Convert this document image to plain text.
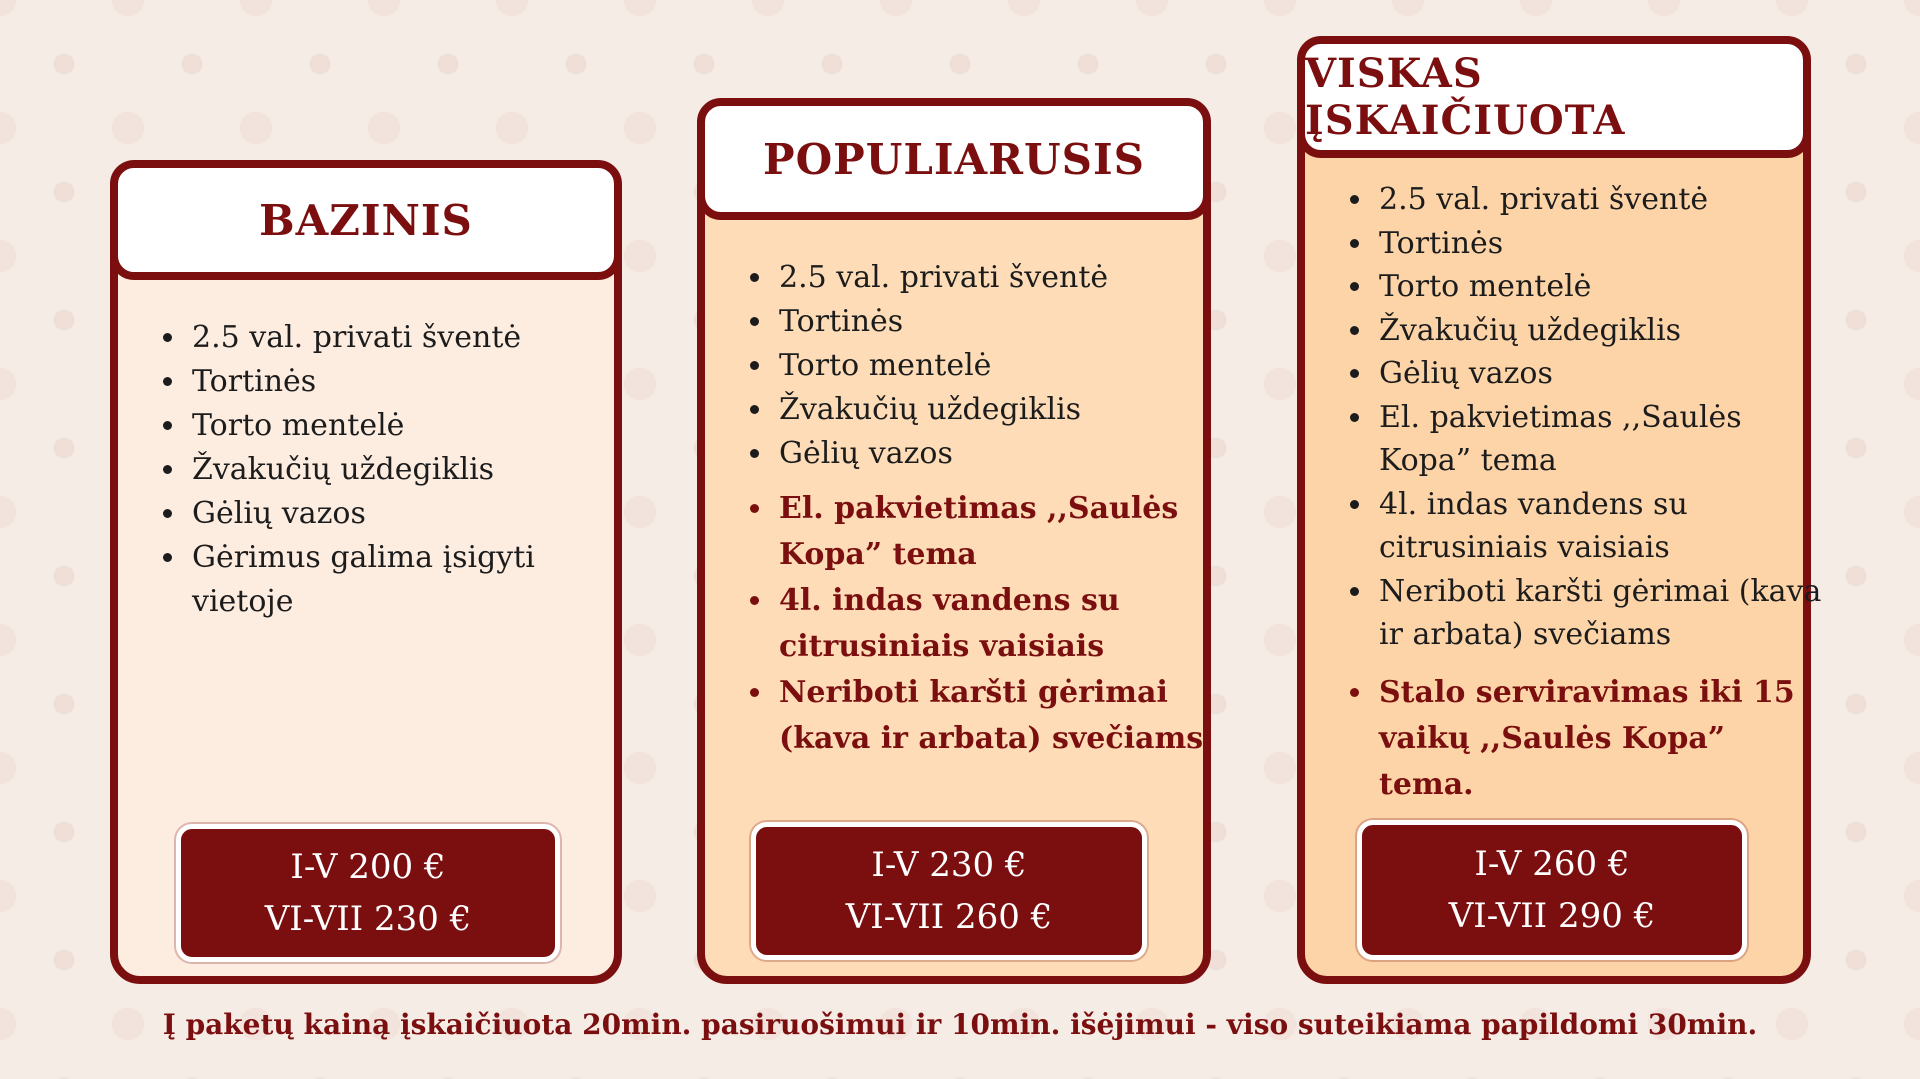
BAZINIS
• 2.5 val. privati šventė
• Tortinės
• Torto mentelė
• Žvakučių uždegiklis
• Gėlių vazos
• Gėrimus galima įsigyti vietoje
I-V 200 €
VI-VII 230 €
POPULIARUSIS
• 2.5 val. privati šventė
• Tortinės
• Torto mentelė
• Žvakučių uždegiklis
• Gėlių vazos
• El. pakvietimas ,,Saulės Kopa” tema
• 4l. indas vandens su citrusiniais vaisiais
• Neriboti karšti gėrimai (kava ir arbata) svečiams
I-V 230 €
VI-VII 260 €
VISKAS ĮSKAIČIUOTA
• 2.5 val. privati šventė
• Tortinės
• Torto mentelė
• Žvakučių uždegiklis
• Gėlių vazos
• El. pakvietimas ,,Saulės Kopa” tema
• 4l. indas vandens su citrusiniais vaisiais
• Neriboti karšti gėrimai (kava ir arbata) svečiams
• Stalo serviravimas iki 15 vaikų ,,Saulės Kopa” tema.
I-V 260 €
VI-VII 290 €
Į paketų kainą įskaičiuota 20min. pasiruošimui ir 10min. išėjimui - viso suteikiama papildomi 30min.
